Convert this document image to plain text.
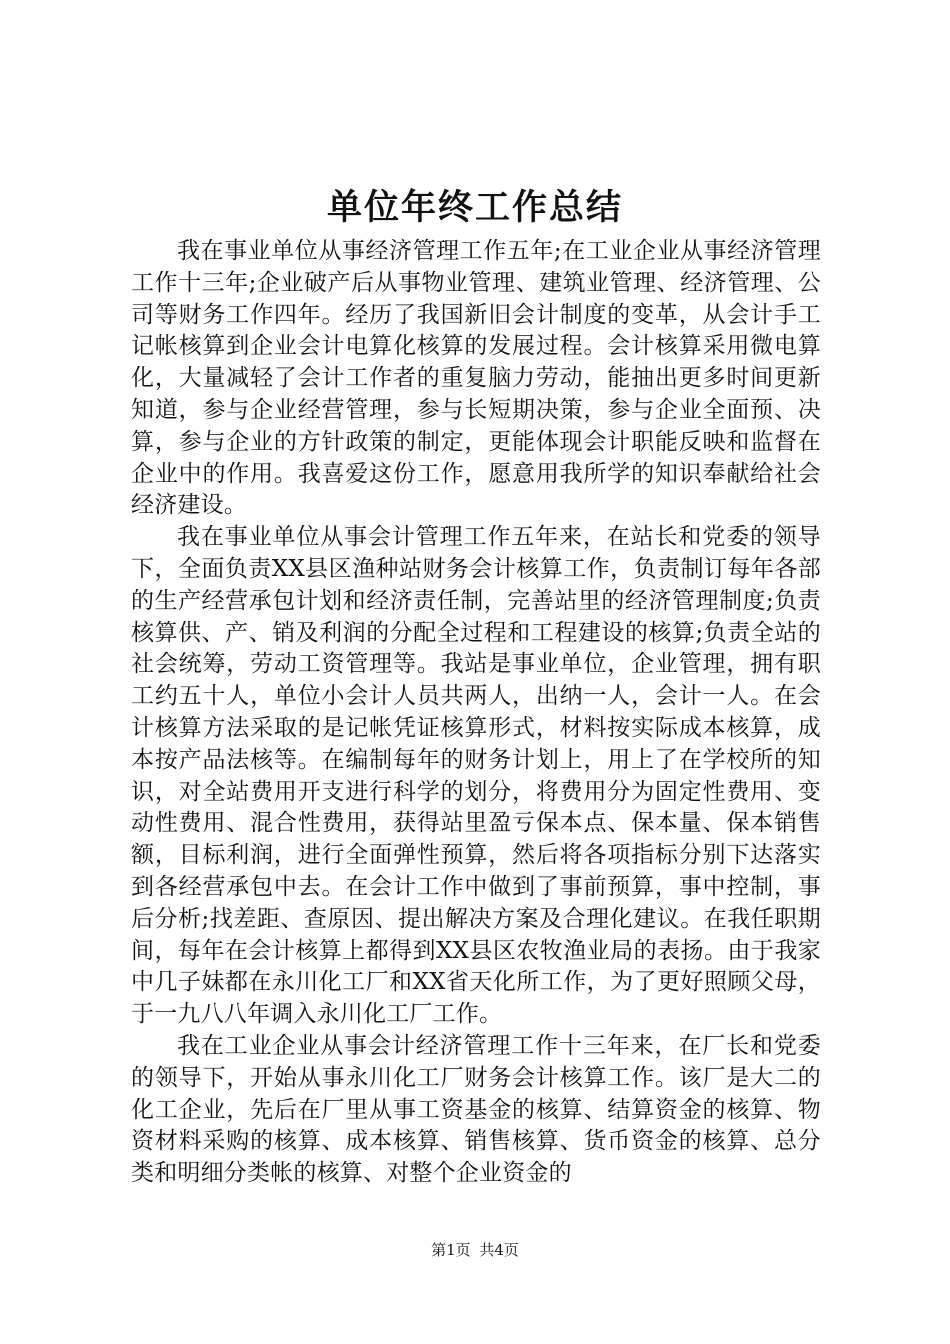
单位年终工作总结

我在事业单位从事经济管理工作五年;在工业企业从事经济管理工作十三年;企业破产后从事物业管理、建筑业管理、经济管理、公司等财务工作四年。经历了我国新旧会计制度的变革，从会计手工记帐核算到企业会计电算化核算的发展过程。会计核算采用微电算化，大量减轻了会计工作者的重复脑力劳动，能抽出更多时间更新知道，参与企业经营管理，参与长短期决策，参与企业全面预、决算，参与企业的方针政策的制定，更能体现会计职能反映和监督在企业中的作用。我喜爱这份工作，愿意用我所学的知识奉献给社会经济建设。

我在事业单位从事会计管理工作五年来，在站长和党委的领导下，全面负责XX县区渔种站财务会计核算工作，负责制订每年各部的生产经营承包计划和经济责任制，完善站里的经济管理制度;负责核算供、产、销及利润的分配全过程和工程建设的核算;负责全站的社会统筹，劳动工资管理等。我站是事业单位，企业管理，拥有职工约五十人，单位小会计人员共两人，出纳一人，会计一人。在会计核算方法采取的是记帐凭证核算形式，材料按实际成本核算，成本按产品法核等。在编制每年的财务计划上，用上了在学校所的知识，对全站费用开支进行科学的划分，将费用分为固定性费用、变动性费用、混合性费用，获得站里盈亏保本点、保本量、保本销售额，目标利润，进行全面弹性预算，然后将各项指标分别下达落实到各经营承包中去。在会计工作中做到了事前预算，事中控制，事后分析;找差距、查原因、提出解决方案及合理化建议。在我任职期间，每年在会计核算上都得到XX县区农牧渔业局的表扬。由于我家中几子妹都在永川化工厂和XX省天化所工作，为了更好照顾父母，于一九八八年调入永川化工厂工作。

我在工业企业从事会计经济管理工作十三年来，在厂长和党委的领导下，开始从事永川化工厂财务会计核算工作。该厂是大二的化工企业，先后在厂里从事工资基金的核算、结算资金的核算、物资材料采购的核算、成本核算、销售核算、货币资金的核算、总分类和明细分类帐的核算、对整个企业资金的

第1页 共4页
